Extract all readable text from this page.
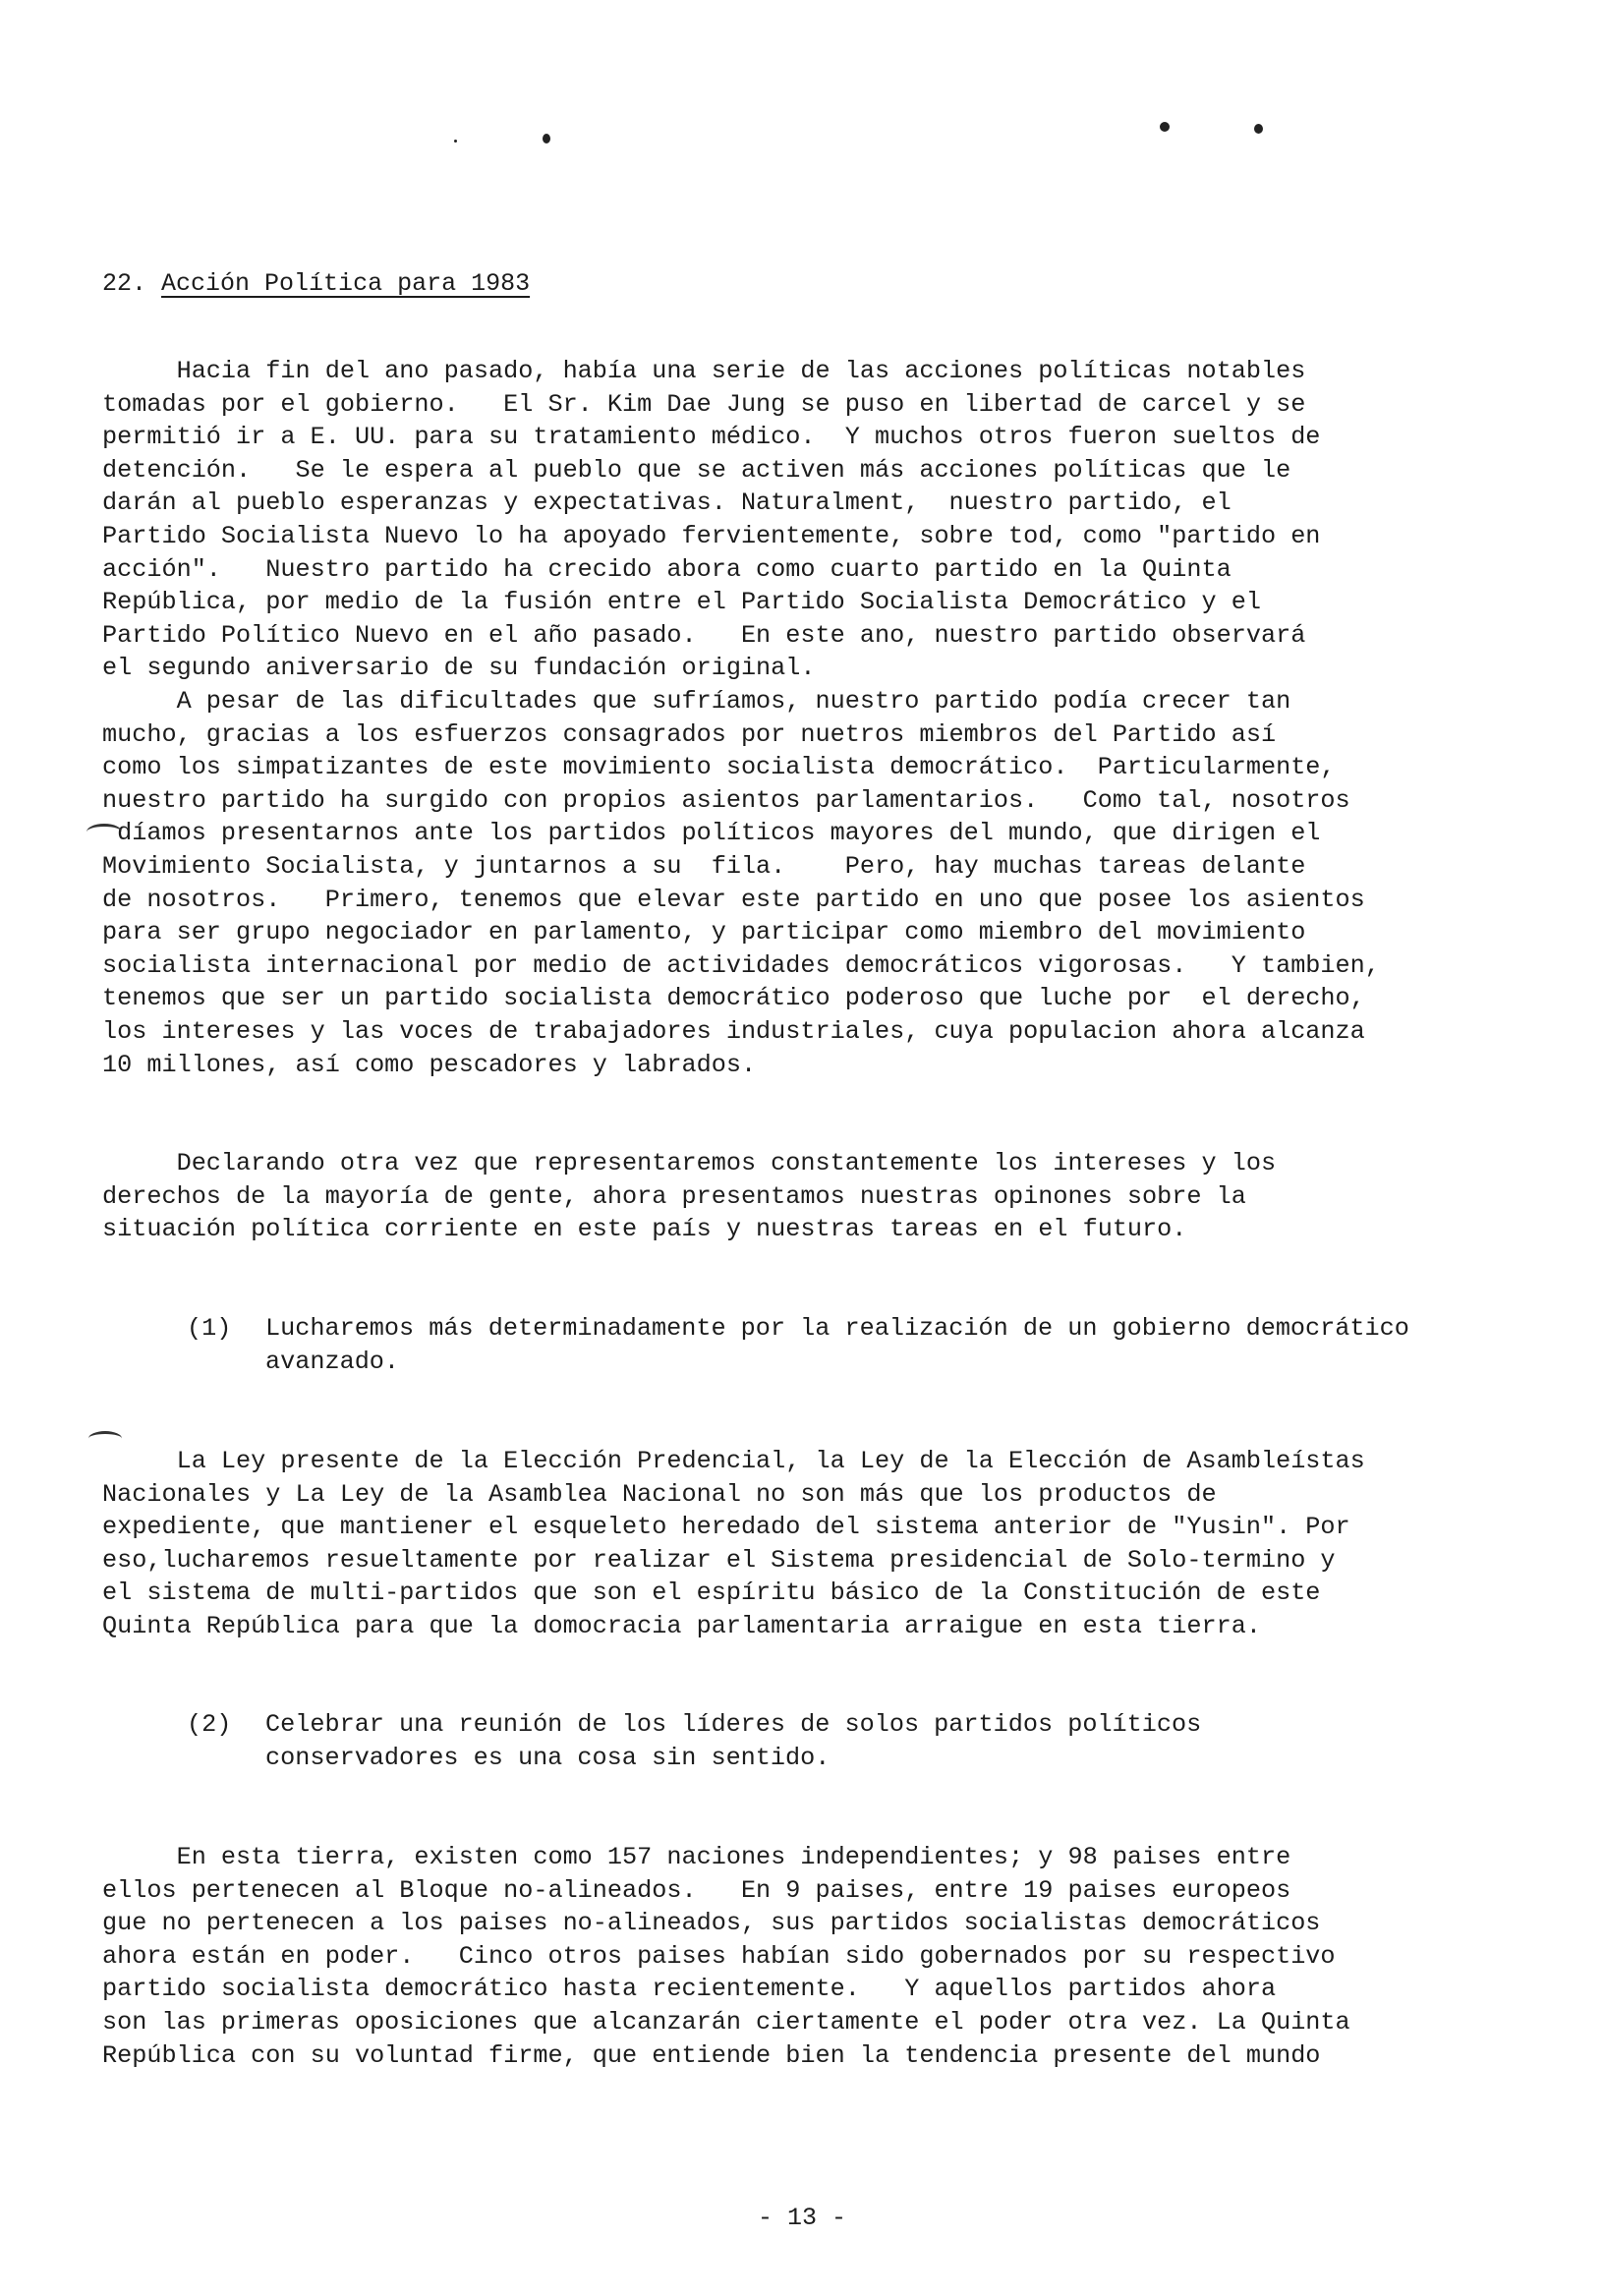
22. Acción Política para 1983

Hacia fin del ano pasado, había una serie de las acciones políticas notables
tomadas por el gobierno.   El Sr. Kim Dae Jung se puso en libertad de carcel y se
permitió ir a E. UU. para su tratamiento médico.  Y muchos otros fueron sueltos de
detención.   Se le espera al pueblo que se activen más acciones políticas que le
darán al pueblo esperanzas y expectativas. Naturalment,  nuestro partido, el
Partido Socialista Nuevo lo ha apoyado fervientemente, sobre tod, como "partido en
acción".   Nuestro partido ha crecido abora como cuarto partido en la Quinta
República, por medio de la fusión entre el Partido Socialista Democrático y el
Partido Político Nuevo en el año pasado.   En este ano, nuestro partido observará
el segundo aniversario de su fundación original.

A pesar de las dificultades que sufríamos, nuestro partido podía crecer tan
mucho, gracias a los esfuerzos consagrados por nuetros miembros del Partido así
como los simpatizantes de este movimiento socialista democrático.  Particularmente,
nuestro partido ha surgido con propios asientos parlamentarios.   Como tal, nosotros
díamos presentarnos ante los partidos políticos mayores del mundo, que dirigen el
Movimiento Socialista, y juntarnos a su  fila.    Pero, hay muchas tareas delante
de nosotros.   Primero, tenemos que elevar este partido en uno que posee los asientos
para ser grupo negociador en parlamento, y participar como miembro del movimiento
socialista internacional por medio de actividades democráticos vigorosas.   Y tambien,
tenemos que ser un partido socialista democrático poderoso que luche por  el derecho,
los intereses y las voces de trabajadores industriales, cuya populacion ahora alcanza
10 millones, así como pescadores y labrados.

Declarando otra vez que representaremos constantemente los intereses y los
derechos de la mayoría de gente, ahora presentamos nuestras opinones sobre la
situación política corriente en este país y nuestras tareas en el futuro.

(1) Lucharemos más determinadamente por la realización de un gobierno democrático
avanzado.

La Ley presente de la Elección Predencial, la Ley de la Elección de Asambleístas
Nacionales y La Ley de la Asamblea Nacional no son más que los productos de
expediente, que mantiener el esqueleto heredado del sistema anterior de "Yusin". Por
eso,lucharemos resueltamente por realizar el Sistema presidencial de Solo-termino y
el sistema de multi-partidos que son el espíritu básico de la Constitución de este
Quinta República para que la domocracia parlamentaria arraigue en esta tierra.

(2) Celebrar una reunión de los líderes de solos partidos políticos
conservadores es una cosa sin sentido.

En esta tierra, existen como 157 naciones independientes; y 98 paises entre
ellos pertenecen al Bloque no-alineados.   En 9 paises, entre 19 paises europeos
gue no pertenecen a los paises no-alineados, sus partidos socialistas democráticos
ahora están en poder.   Cinco otros paises habían sido gobernados por su respectivo
partido socialista democrático hasta recientemente.   Y aquellos partidos ahora
son las primeras oposiciones que alcanzarán ciertamente el poder otra vez. La Quinta
República con su voluntad firme, que entiende bien la tendencia presente del mundo

- 13 -
